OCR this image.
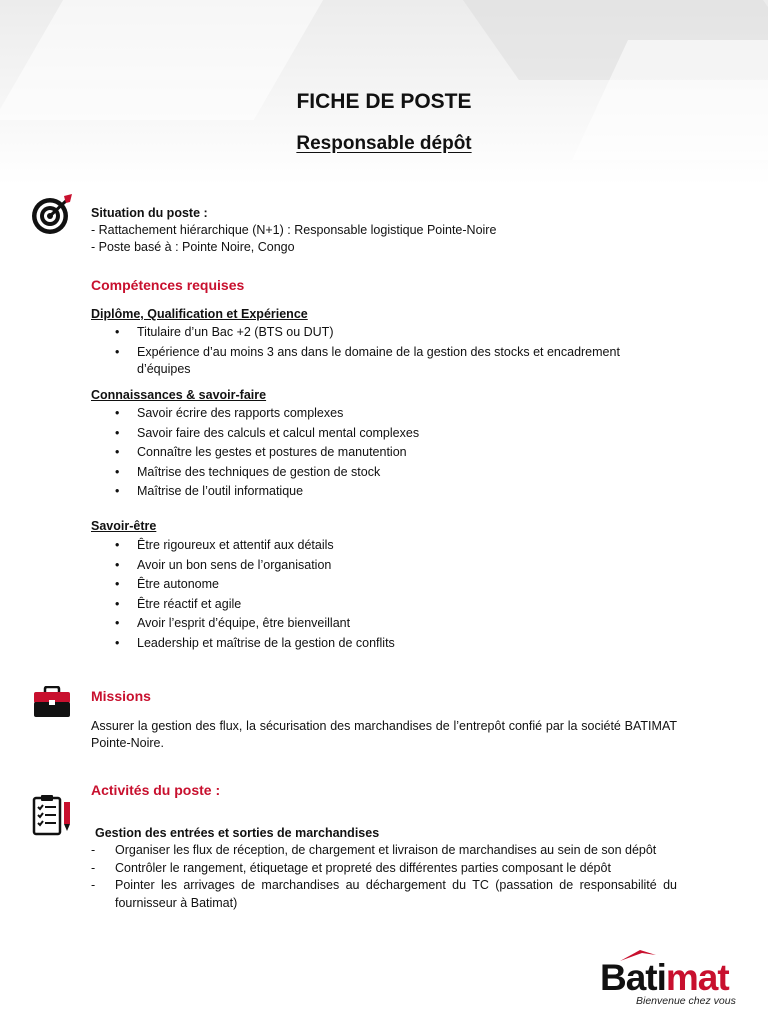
FICHE DE POSTE
Responsable dépôt
Situation du poste :
- Rattachement hiérarchique (N+1) : Responsable logistique Pointe-Noire
- Poste basé à : Pointe Noire, Congo
Compétences requises
Diplôme, Qualification et Expérience
• Titulaire d’un Bac +2 (BTS ou DUT)
• Expérience d’au moins 3 ans dans le domaine de la gestion des stocks et encadrement d’équipes
Connaissances & savoir-faire
• Savoir écrire des rapports complexes
• Savoir faire des calculs et calcul mental complexes
• Connaître les gestes et postures de manutention
• Maîtrise des techniques de gestion de stock
• Maîtrise de l’outil informatique
Savoir-être
• Être rigoureux et attentif aux détails
• Avoir un bon sens de l’organisation
• Être autonome
• Être réactif et agile
• Avoir l’esprit d’équipe, être bienveillant
• Leadership et maîtrise de la gestion de conflits
Missions
Assurer la gestion des flux, la sécurisation des marchandises de l’entrepôt confié par la société BATIMAT Pointe-Noire.
Activités du poste :
Gestion des entrées et sorties de marchandises
- Organiser les flux de réception, de chargement et livraison de marchandises au sein de son dépôt
- Contrôler le rangement, étiquetage et propreté des différentes parties composant le dépôt
- Pointer les arrivages de marchandises au déchargement du TC (passation de responsabilité du fournisseur à Batimat)
Batimat
Bienvenue chez vous
